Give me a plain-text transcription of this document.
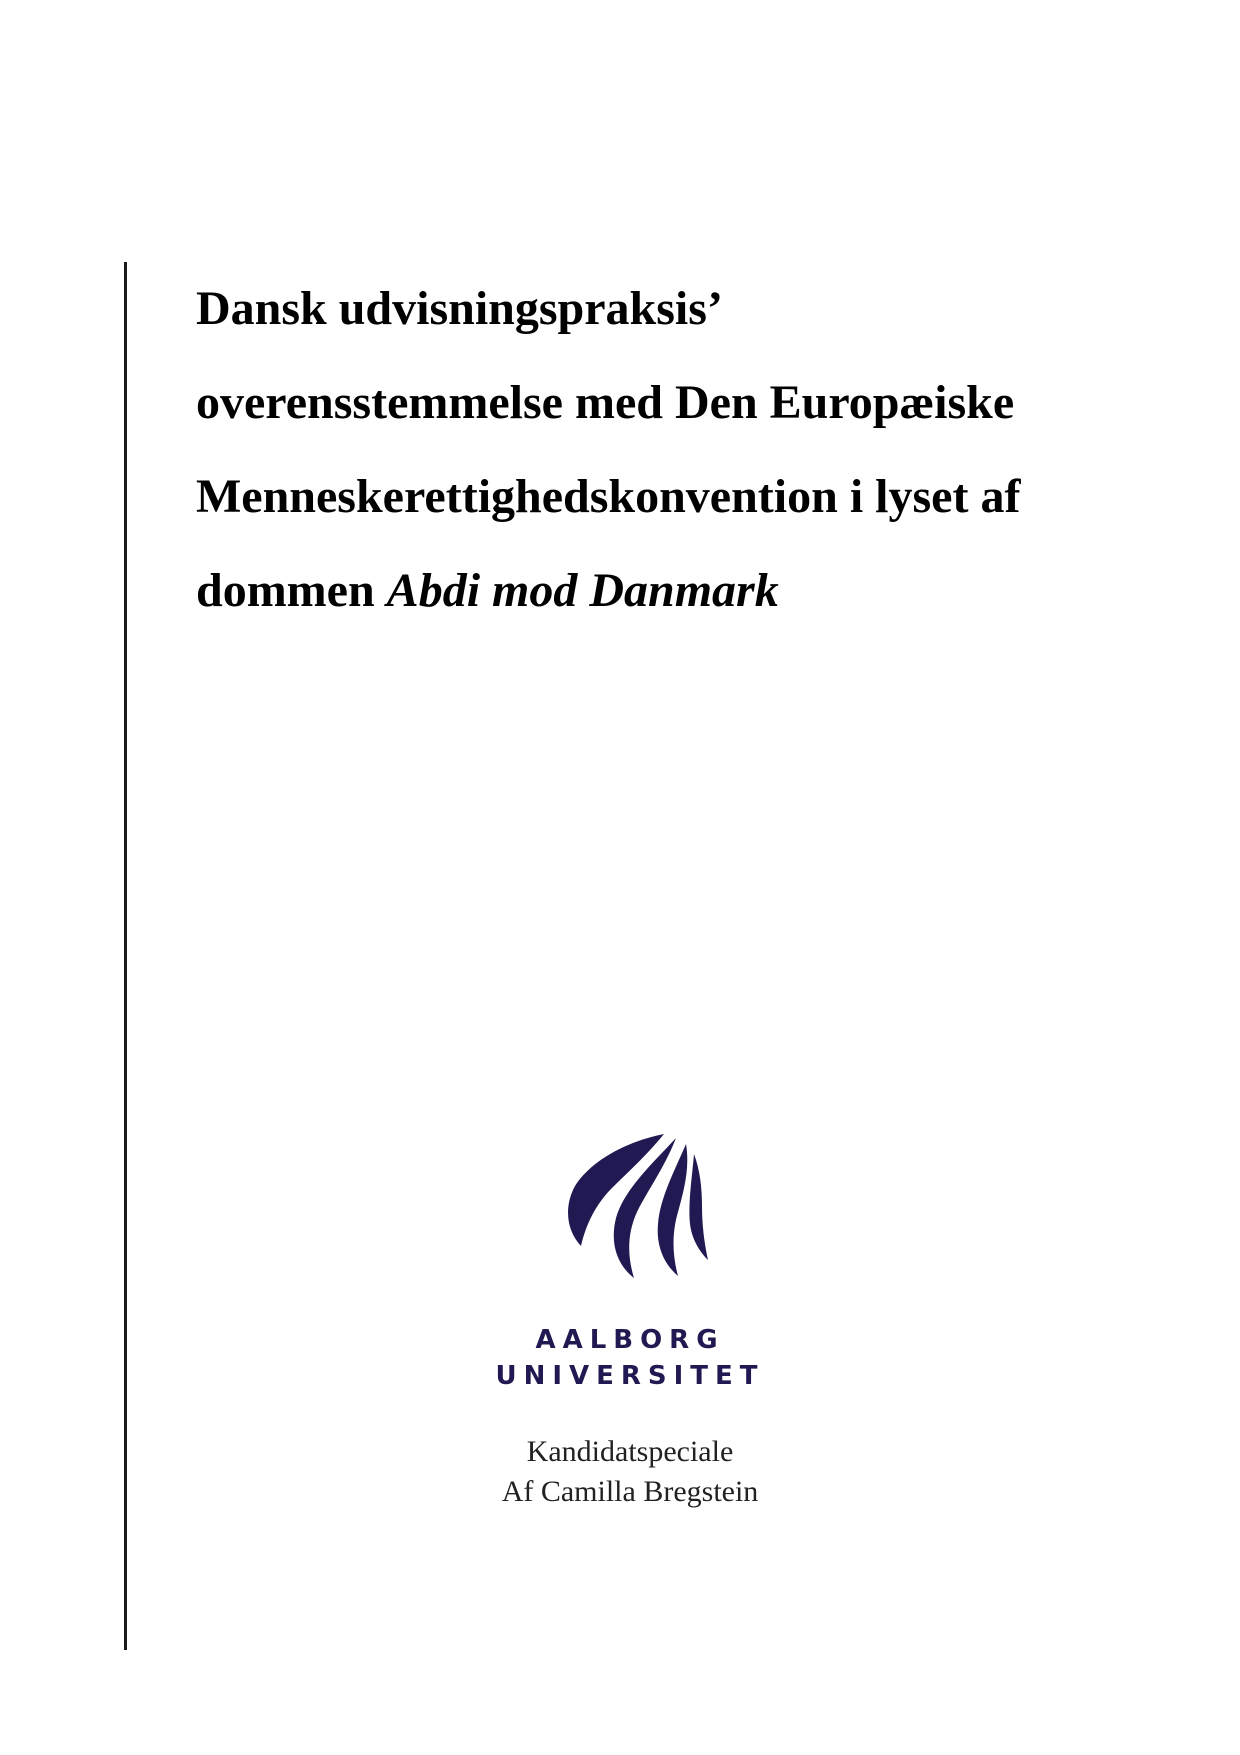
Dansk udvisningspraksis’
overensstemmelse med Den Europæiske
Menneskerettighedskonvention i lyset af
dommen Abdi mod Danmark
AALBORG
UNIVERSITET
Kandidatspeciale
Af Camilla Bregstein
